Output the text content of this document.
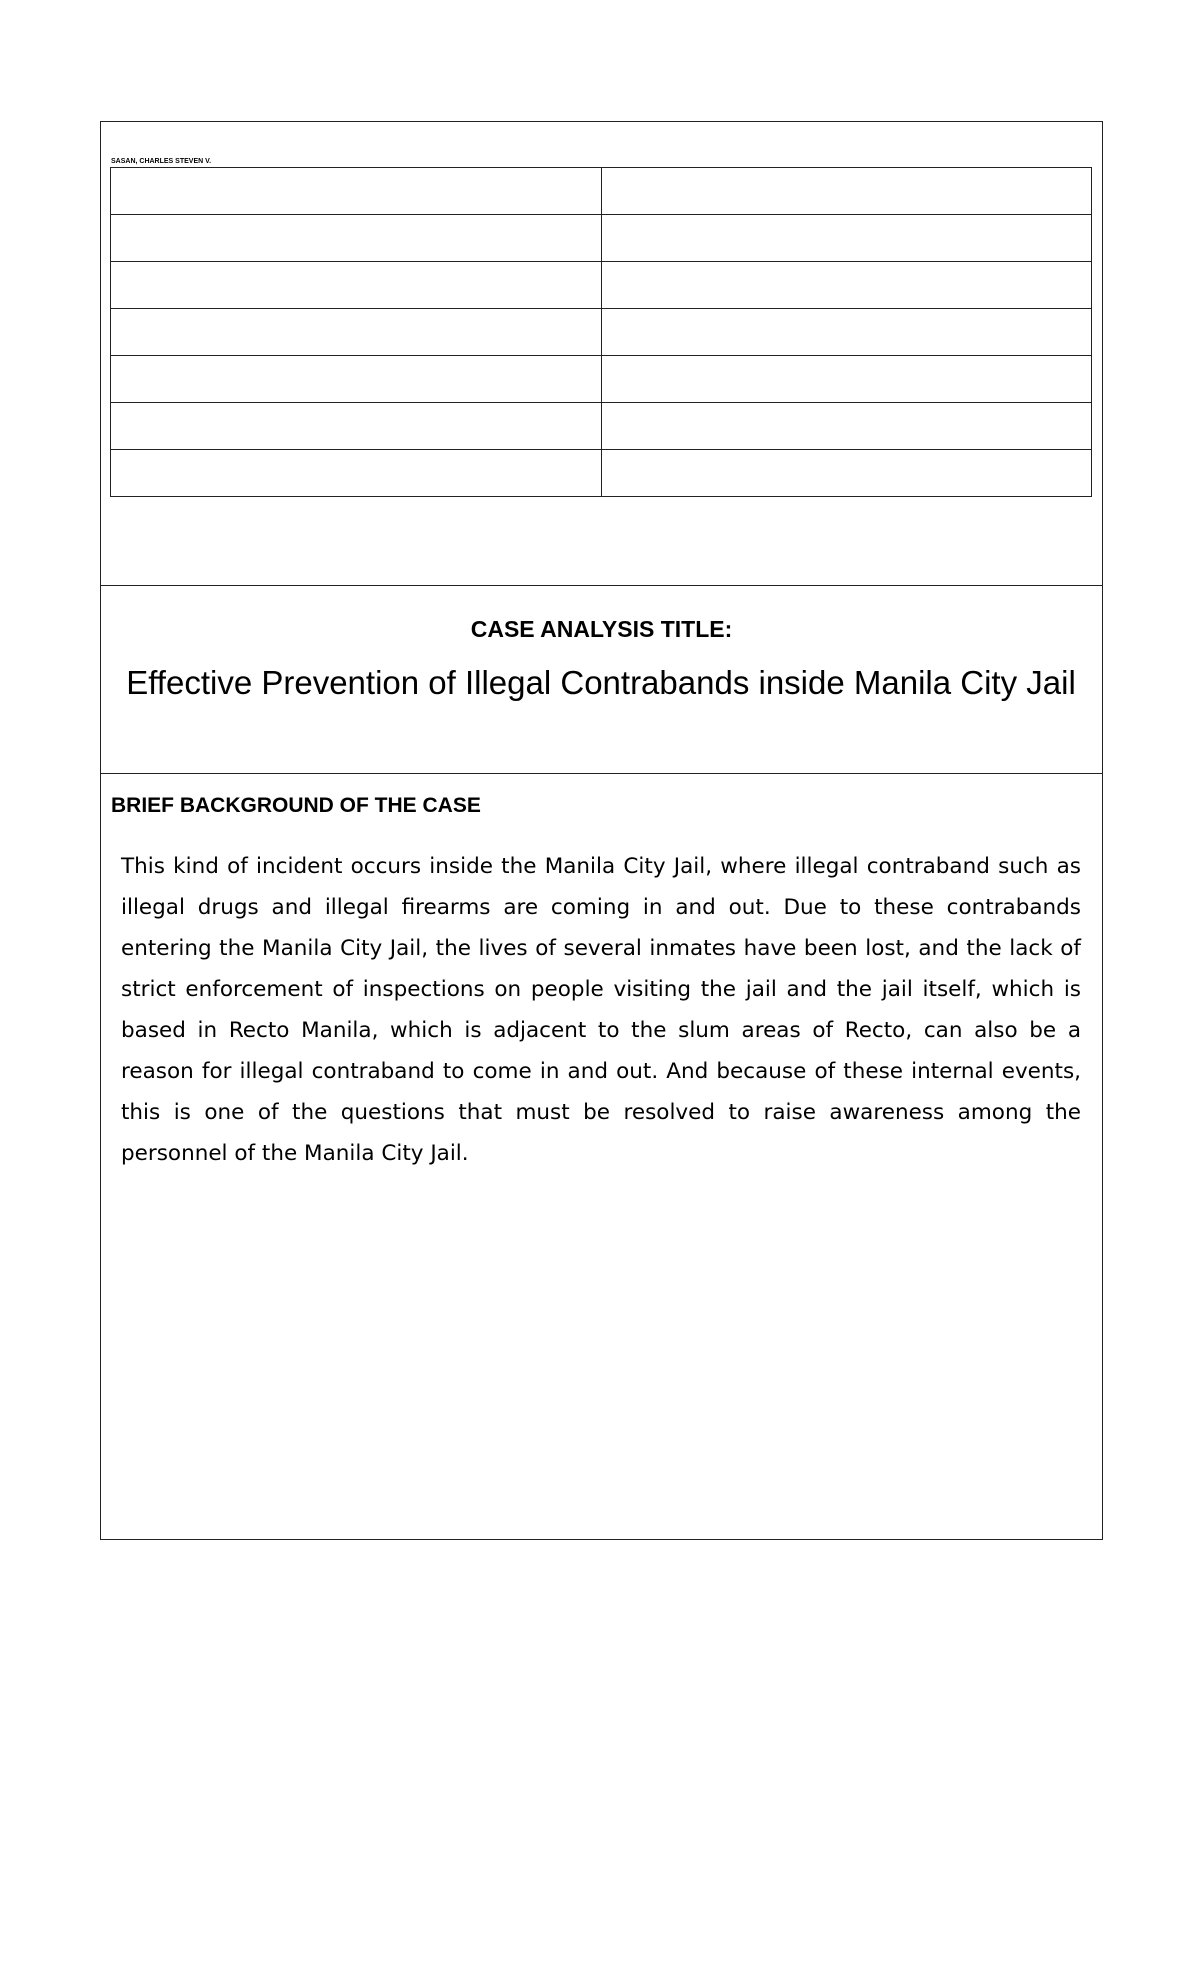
SASAN, CHARLES STEVEN V.

CASE ANALYSIS TITLE:
Effective Prevention of Illegal Contrabands inside Manila City Jail
BRIEF BACKGROUND OF THE CASE
This kind of incident occurs inside the Manila City Jail, where illegal contraband such as illegal drugs and illegal firearms are coming in and out. Due to these contrabands entering the Manila City Jail, the lives of several inmates have been lost, and the lack of strict enforcement of inspections on people visiting the jail and the jail itself, which is based in Recto Manila, which is adjacent to the slum areas of Recto, can also be a reason for illegal contraband to come in and out. And because of these internal events, this is one of the questions that must be resolved to raise awareness among the personnel of the Manila City Jail.
